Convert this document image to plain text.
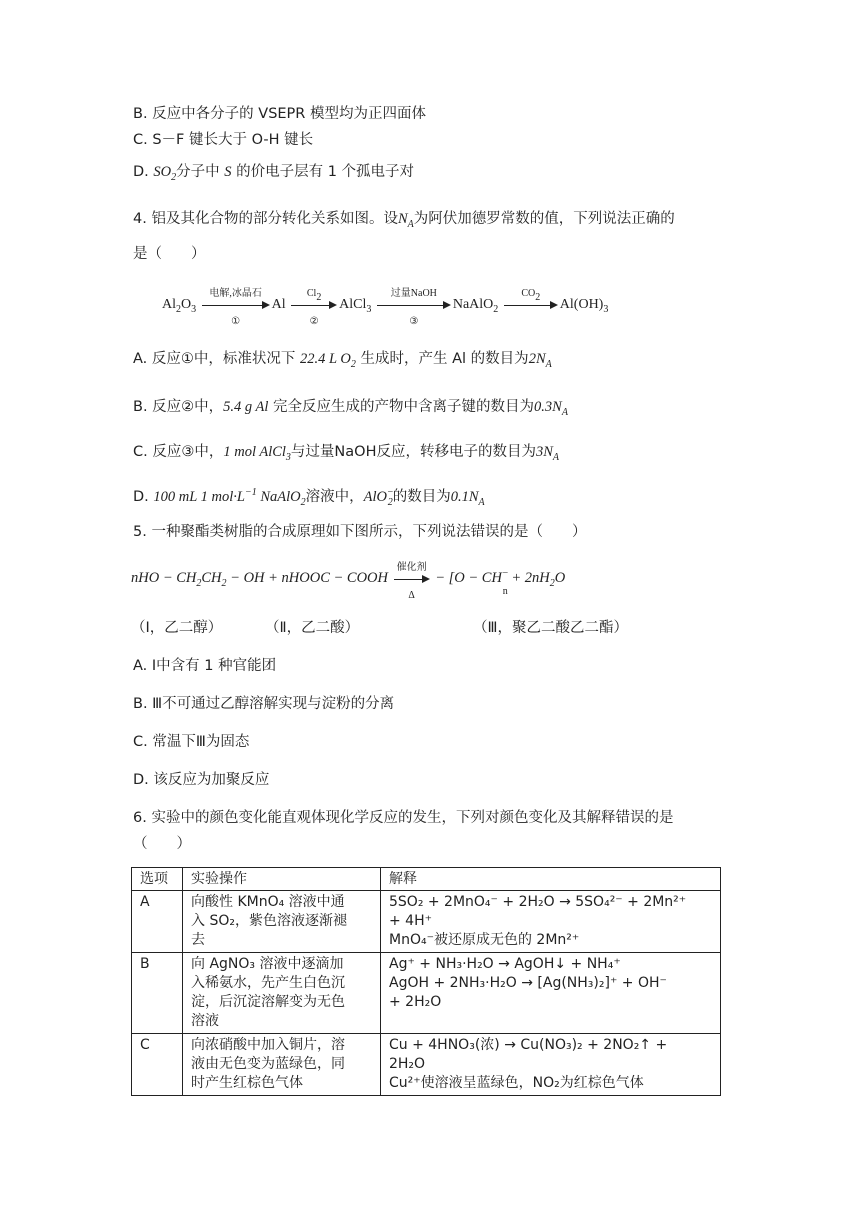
B. 反应中各分子的 VSEPR 模型均为正四面体
C. S－F 键长大于 O-H 键长
D. $SO_2$分子中 S 的价电子层有 1 个孤电子对
4. 铝及其化合物的部分转化关系如图。设$N_A$为阿伏加德罗常数的值，下列说法正确的
是（　　）
$Al_2O_3$
电解,冰晶石
①
Al
$Cl_2$
②
AlCl$_3$
过量NaOH
③
NaAlO$_2$
$CO_2$	$Al(OH)_3$
A. 反应①中，标准状况下 22.4 L $O_2$ 生成时，产生 Al 的数目为$2N_A$
B. 反应②中，5.4 g Al 完全反应生成的产物中含离子键的数目为$0.3N_A$
C. 反应③中，1 mol AlCl$_3$与过量NaOH反应，转移电子的数目为$3N_A$
D. 100 mL 1 $mol\cdot L^{-1}$ NaAlO$_2$溶液中，AlO−$_2$的数目为$0.1N_A$
5. 一种聚酯类树脂的合成原理如下图所示，下列说法错误的是（　　）
nHO − $CH_2CH_2$ − OH + nHOOC − COOH
催化剂
Δ
− [$O - CH^-_n + 2nH_2O$
（Ⅰ，乙二醇）	（Ⅱ，乙二酸）	（Ⅲ，聚乙二酸乙二酯）
A. Ⅰ中含有 1 种官能团
B. Ⅲ不可通过乙醇溶解实现与淀粉的分离
C. 常温下Ⅲ为固态
D. 该反应为加聚反应
6. 实验中的颜色变化能直观体现化学反应的发生，下列对颜色变化及其解释错误的是
（　　）
选项	实验操作	解释
A	向酸性 KMnO₄ 溶液中通
入 SO₂，紫色溶液逐渐褪
去	5SO₂ + 2MnO₄⁻ + 2H₂O → 5SO₄²⁻ + 2Mn²⁺
+ 4H⁺
MnO₄⁻被还原成无色的 2Mn²⁺

B	向 AgNO₃ 溶液中逐滴加
入稀氨水，先产生白色沉
淀，后沉淀溶解变为无色
溶液	Ag⁺ + NH₃·H₂O → AgOH↓ + NH₄⁺
AgOH + 2NH₃·H₂O → [Ag(NH₃)₂]⁺ + OH⁻
+ 2H₂O

C	向浓硝酸中加入铜片，溶
液由无色变为蓝绿色，同
时产生红棕色气体	Cu + 4HNO₃(浓) → Cu(NO₃)₂ + 2NO₂↑ +
2H₂O
Cu²⁺使溶液呈蓝绿色，NO₂为红棕色气体
